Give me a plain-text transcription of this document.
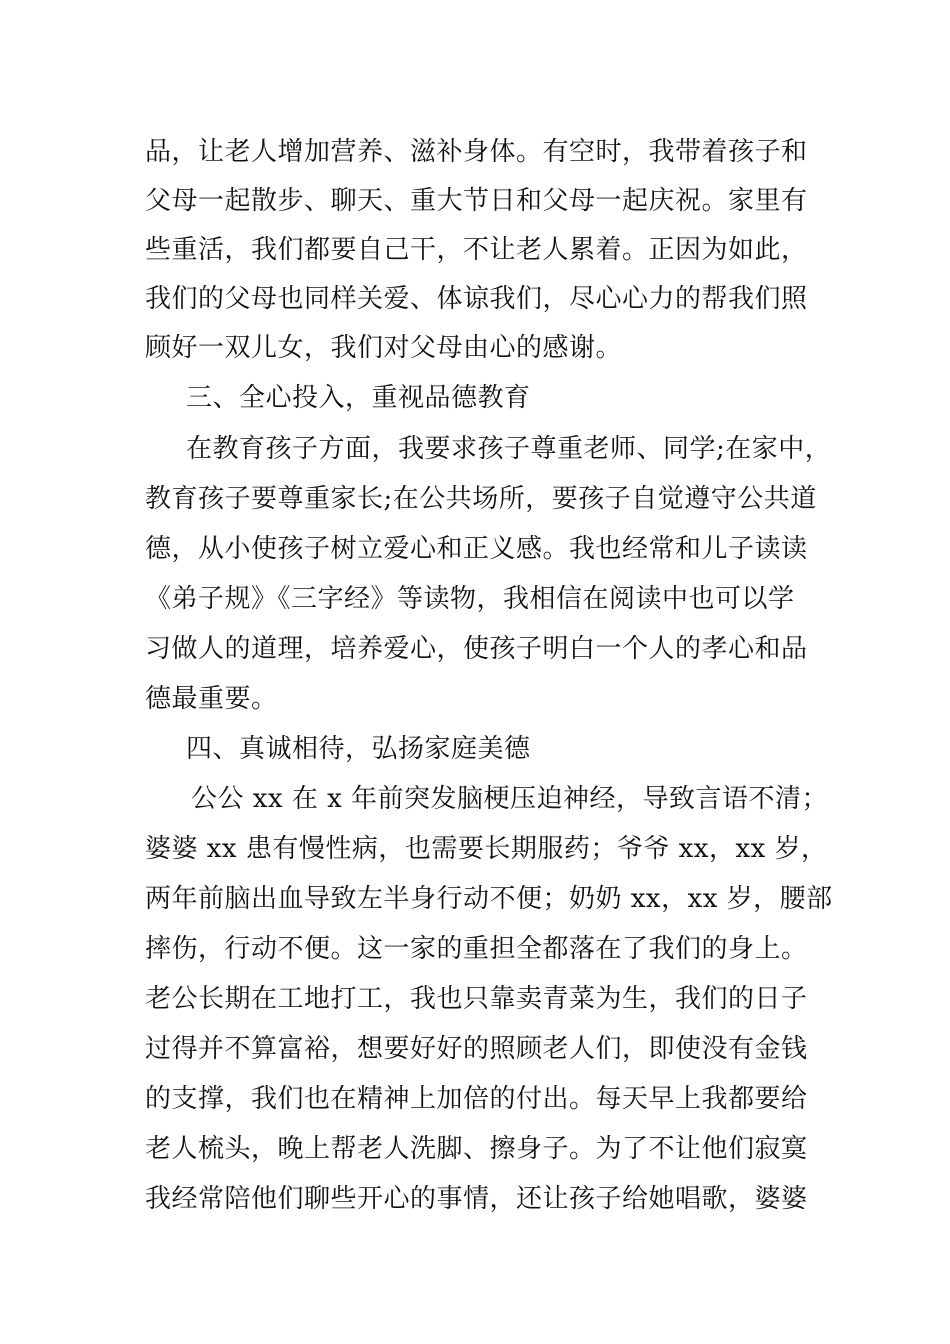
品，让老人增加营养、滋补身体。有空时，我带着孩子和
父母一起散步、聊天、重大节日和父母一起庆祝。家里有
些重活，我们都要自己干，不让老人累着。正因为如此，
我们的父母也同样关爱、体谅我们，尽心心力的帮我们照
顾好一双儿女，我们对父母由心的感谢。
三、全心投入，重视品德教育
在教育孩子方面，我要求孩子尊重老师、同学;在家中，
教育孩子要尊重家长;在公共场所，要孩子自觉遵守公共道
德，从小使孩子树立爱心和正义感。我也经常和儿子读读
《弟子规》《三字经》等读物，我相信在阅读中也可以学
习做人的道理，培养爱心，使孩子明白一个人的孝心和品
德最重要。
四、真诚相待，弘扬家庭美德
公公 xx 在 x 年前突发脑梗压迫神经，导致言语不清；
婆婆 xx 患有慢性病，也需要长期服药；爷爷 xx，xx 岁，
两年前脑出血导致左半身行动不便；奶奶 xx，xx 岁，腰部
摔伤，行动不便。这一家的重担全都落在了我们的身上。
老公长期在工地打工，我也只靠卖青菜为生，我们的日子
过得并不算富裕，想要好好的照顾老人们，即使没有金钱
的支撑，我们也在精神上加倍的付出。每天早上我都要给
老人梳头，晚上帮老人洗脚、擦身子。为了不让他们寂寞
我经常陪他们聊些开心的事情，还让孩子给她唱歌，婆婆
